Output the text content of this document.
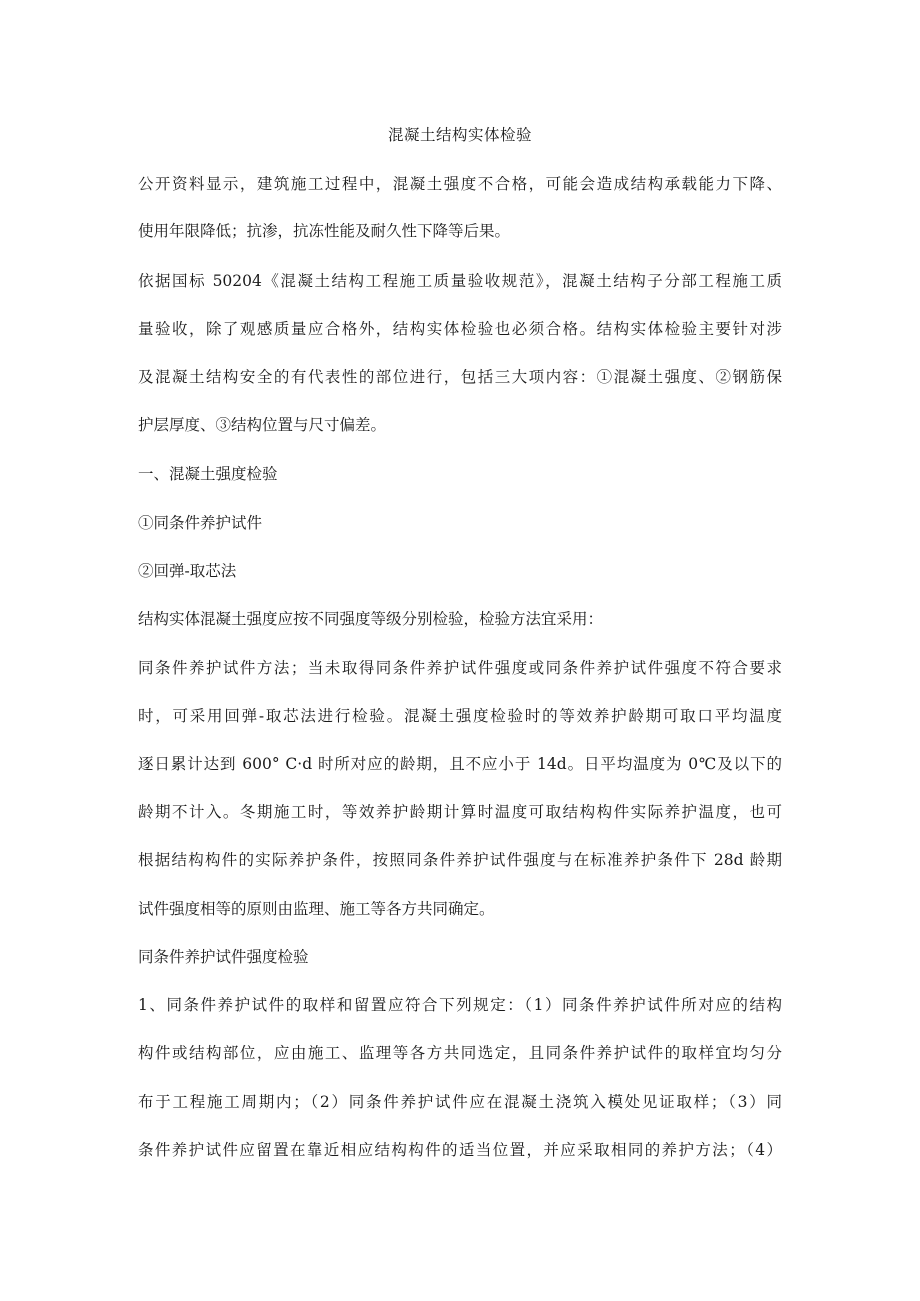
混凝土结构实体检验
公开资料显示，建筑施工过程中，混凝土强度不合格，可能会造成结构承载能力下降、
使用年限降低；抗渗，抗冻性能及耐久性下降等后果。
依据国标 50204《混凝土结构工程施工质量验收规范》，混凝土结构子分部工程施工质
量验收，除了观感质量应合格外，结构实体检验也必须合格。结构实体检验主要针对涉
及混凝土结构安全的有代表性的部位进行，包括三大项内容：①混凝土强度、②钢筋保
护层厚度、③结构位置与尺寸偏差。
一、混凝土强度检验
①同条件养护试件
②回弹-取芯法
结构实体混凝土强度应按不同强度等级分别检验，检验方法宜采用：
同条件养护试件方法；当未取得同条件养护试件强度或同条件养护试件强度不符合要求
时，可采用回弹-取芯法进行检验。混凝土强度检验时的等效养护龄期可取口平均温度
逐日累计达到 600° C·d 时所对应的龄期，且不应小于 14d。日平均温度为 0℃及以下的
龄期不计入。冬期施工时，等效养护龄期计算时温度可取结构构件实际养护温度，也可
根据结构构件的实际养护条件，按照同条件养护试件强度与在标准养护条件下 28d 龄期
试件强度相等的原则由监理、施工等各方共同确定。
同条件养护试件强度检验
1、同条件养护试件的取样和留置应符合下列规定：（1）同条件养护试件所对应的结构
构件或结构部位，应由施工、监理等各方共同选定，且同条件养护试件的取样宜均匀分
布于工程施工周期内；（2）同条件养护试件应在混凝土浇筑入模处见证取样；（3）同
条件养护试件应留置在靠近相应结构构件的适当位置，并应采取相同的养护方法；（4）
